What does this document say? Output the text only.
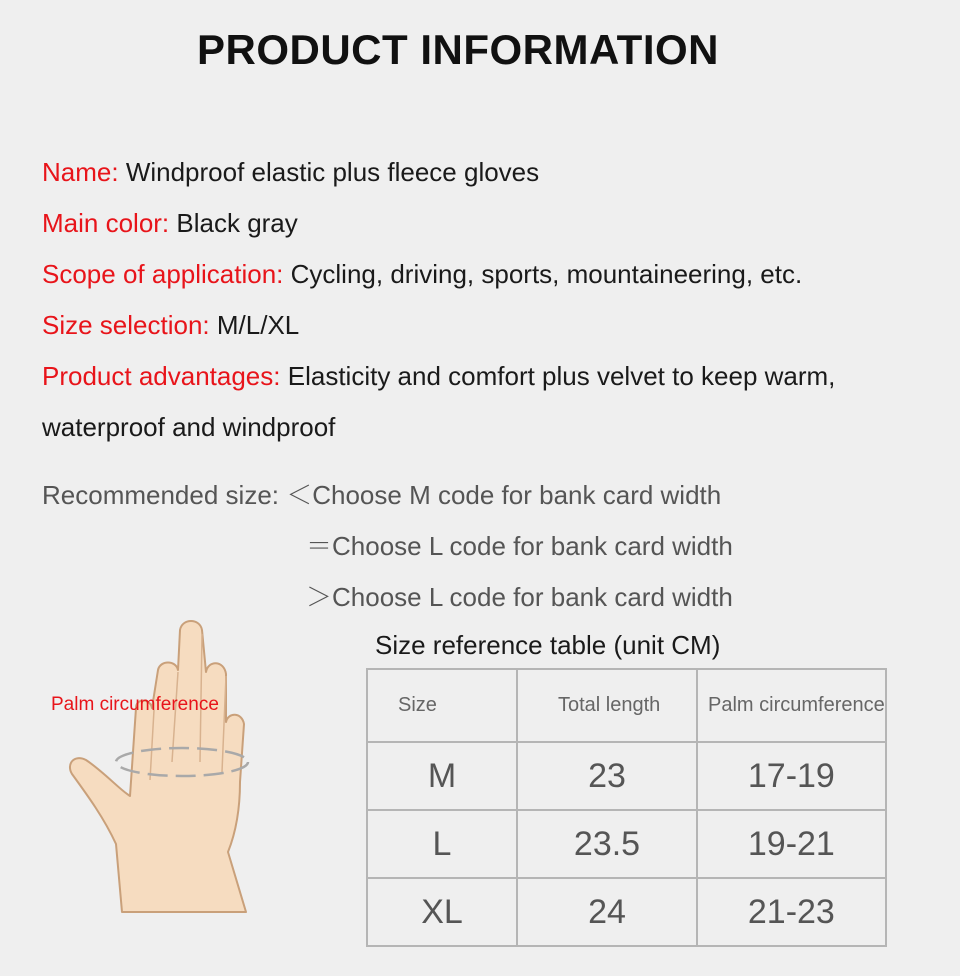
PRODUCT INFORMATION
Name: Windproof elastic plus fleece gloves
Main color: Black gray
Scope of application: Cycling, driving, sports, mountaineering, etc.
Size selection: M/L/XL
Product advantages: Elasticity and comfort plus velvet to keep warm,
waterproof and windproof
Recommended size: ＜Choose M code for bank card width
＝Choose L code for bank card width
＞Choose L code for bank card width
Palm circumference
Size reference table (unit CM)
Size	Total length	Palm circumference
M	23	17-19
L	23.5	19-21
XL	24	21-23
